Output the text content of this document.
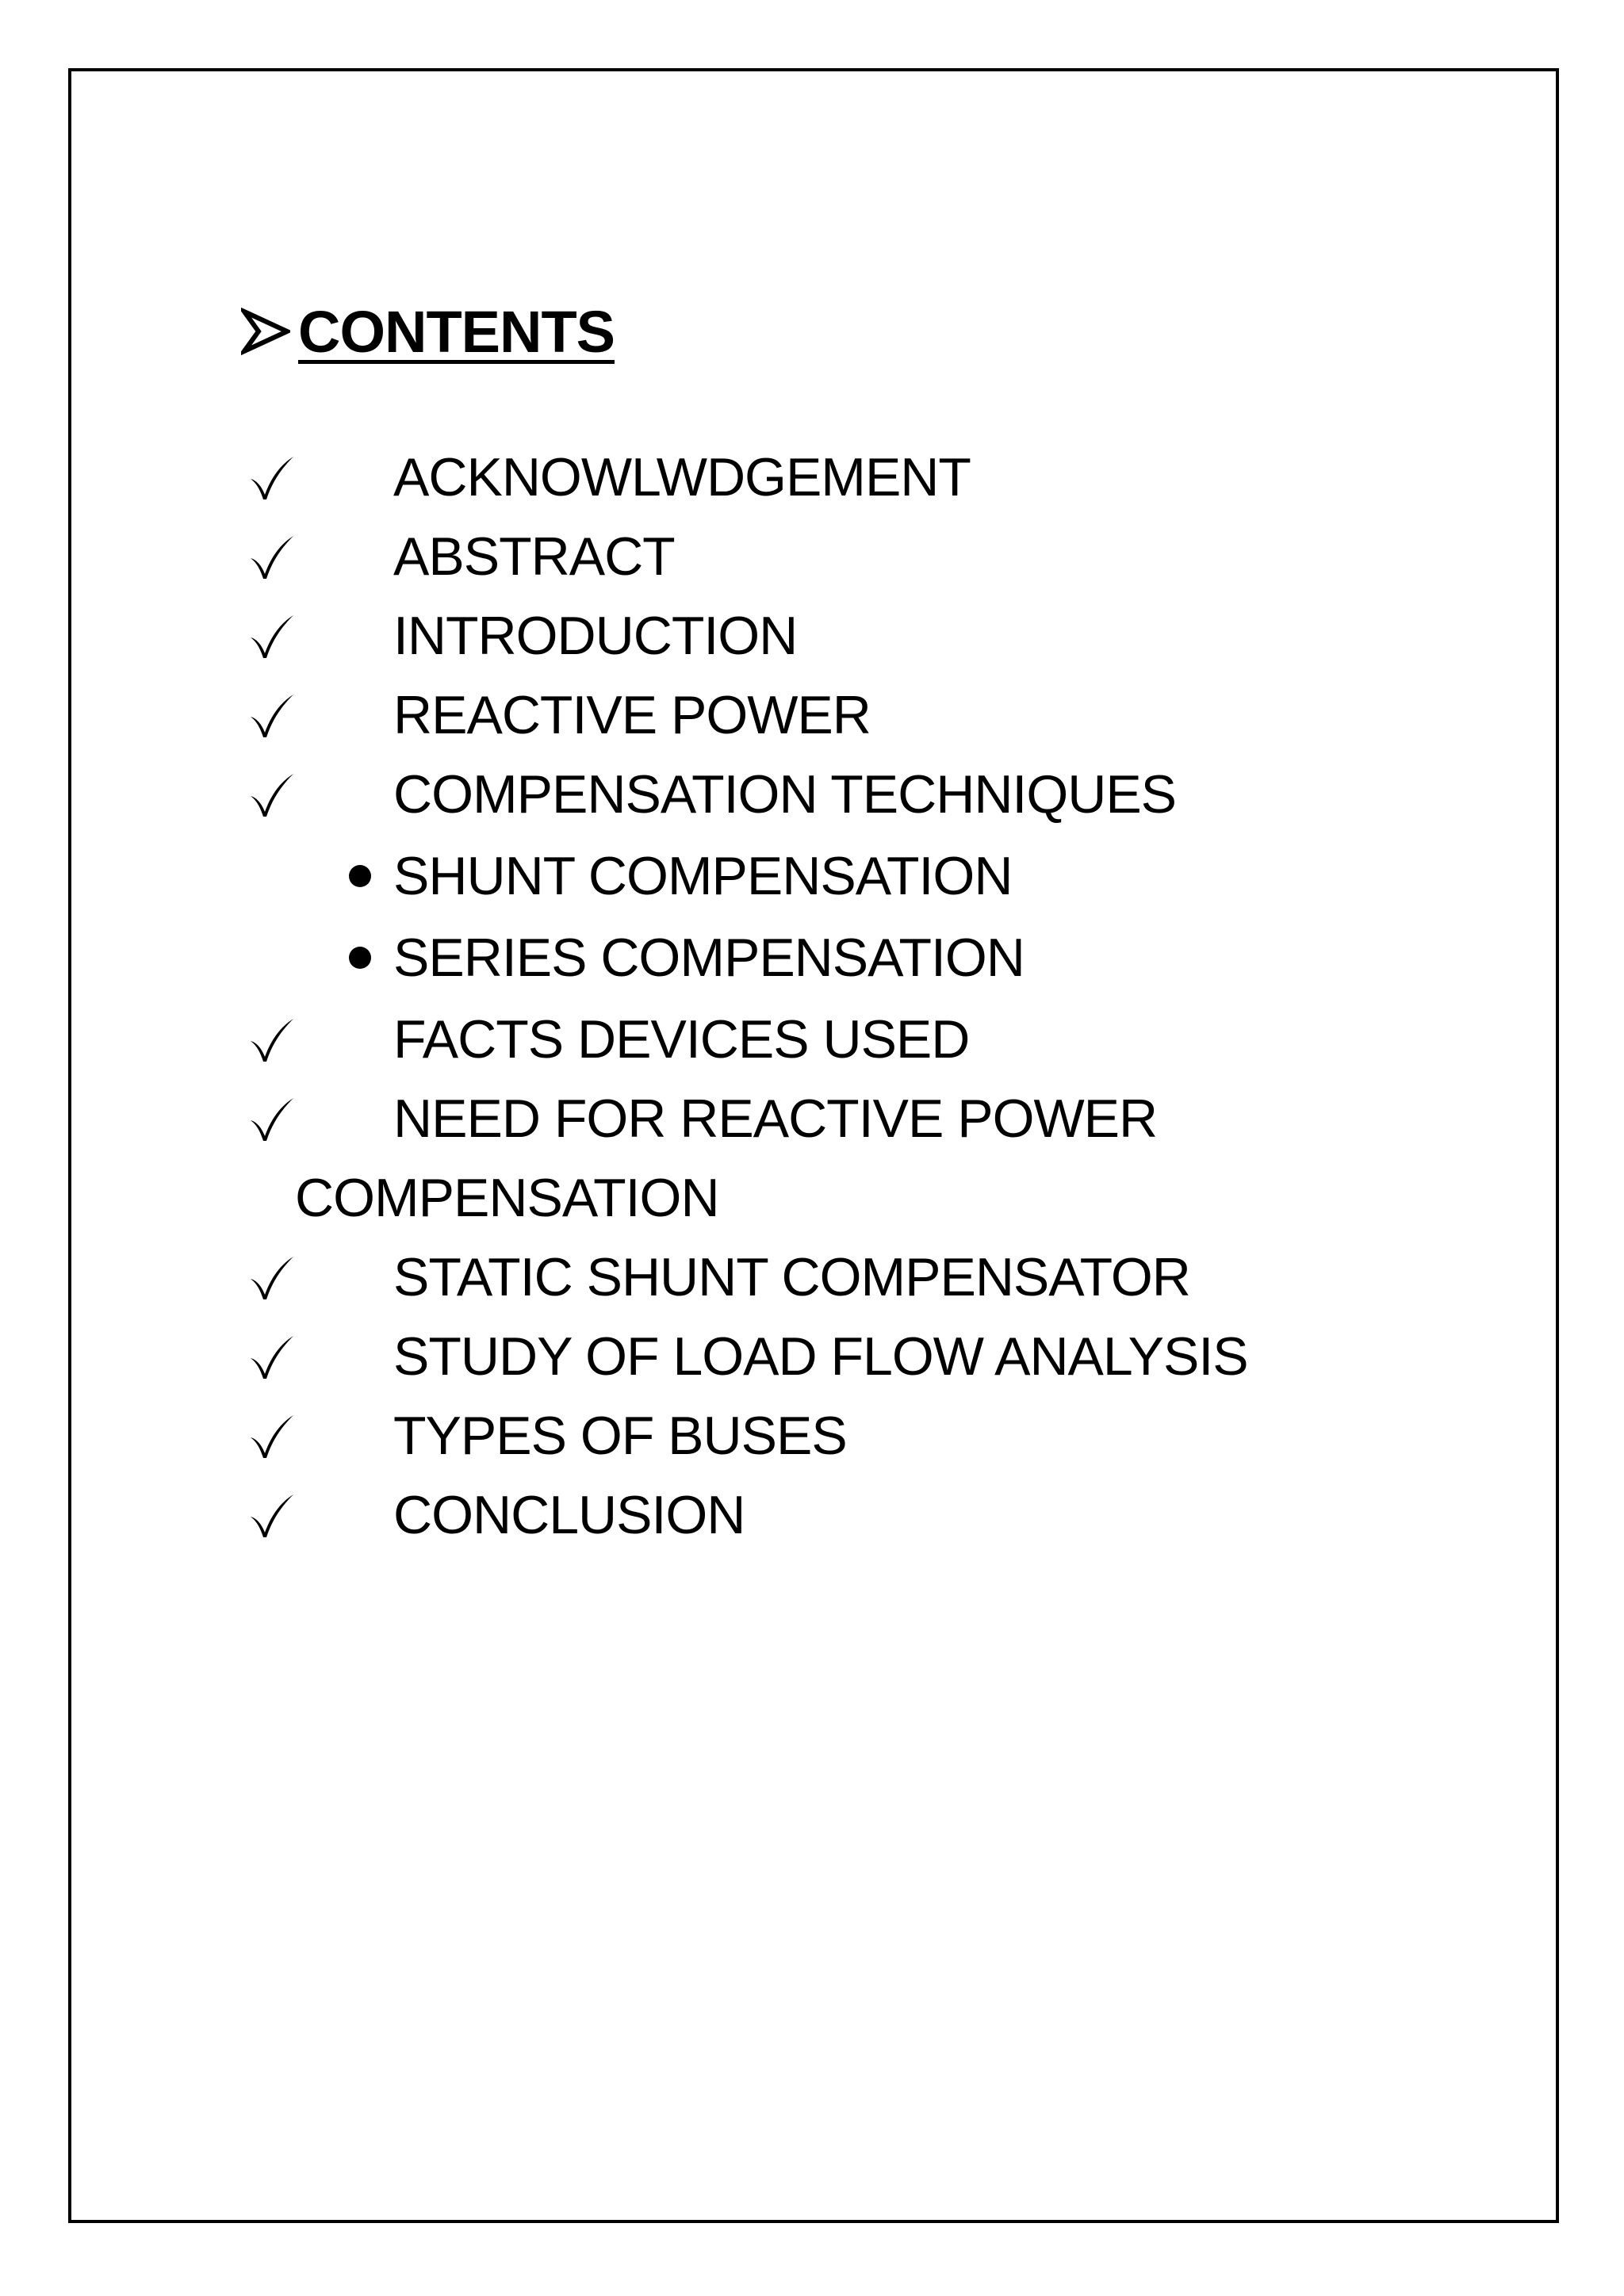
CONTENTS
ACKNOWLWDGEMENT
ABSTRACT
INTRODUCTION
REACTIVE POWER
COMPENSATION TECHNIQUES
SHUNT COMPENSATION
SERIES COMPENSATION
FACTS DEVICES USED
NEED FOR REACTIVE POWER
COMPENSATION
STATIC SHUNT COMPENSATOR
STUDY OF LOAD FLOW ANALYSIS
TYPES OF BUSES
CONCLUSION
